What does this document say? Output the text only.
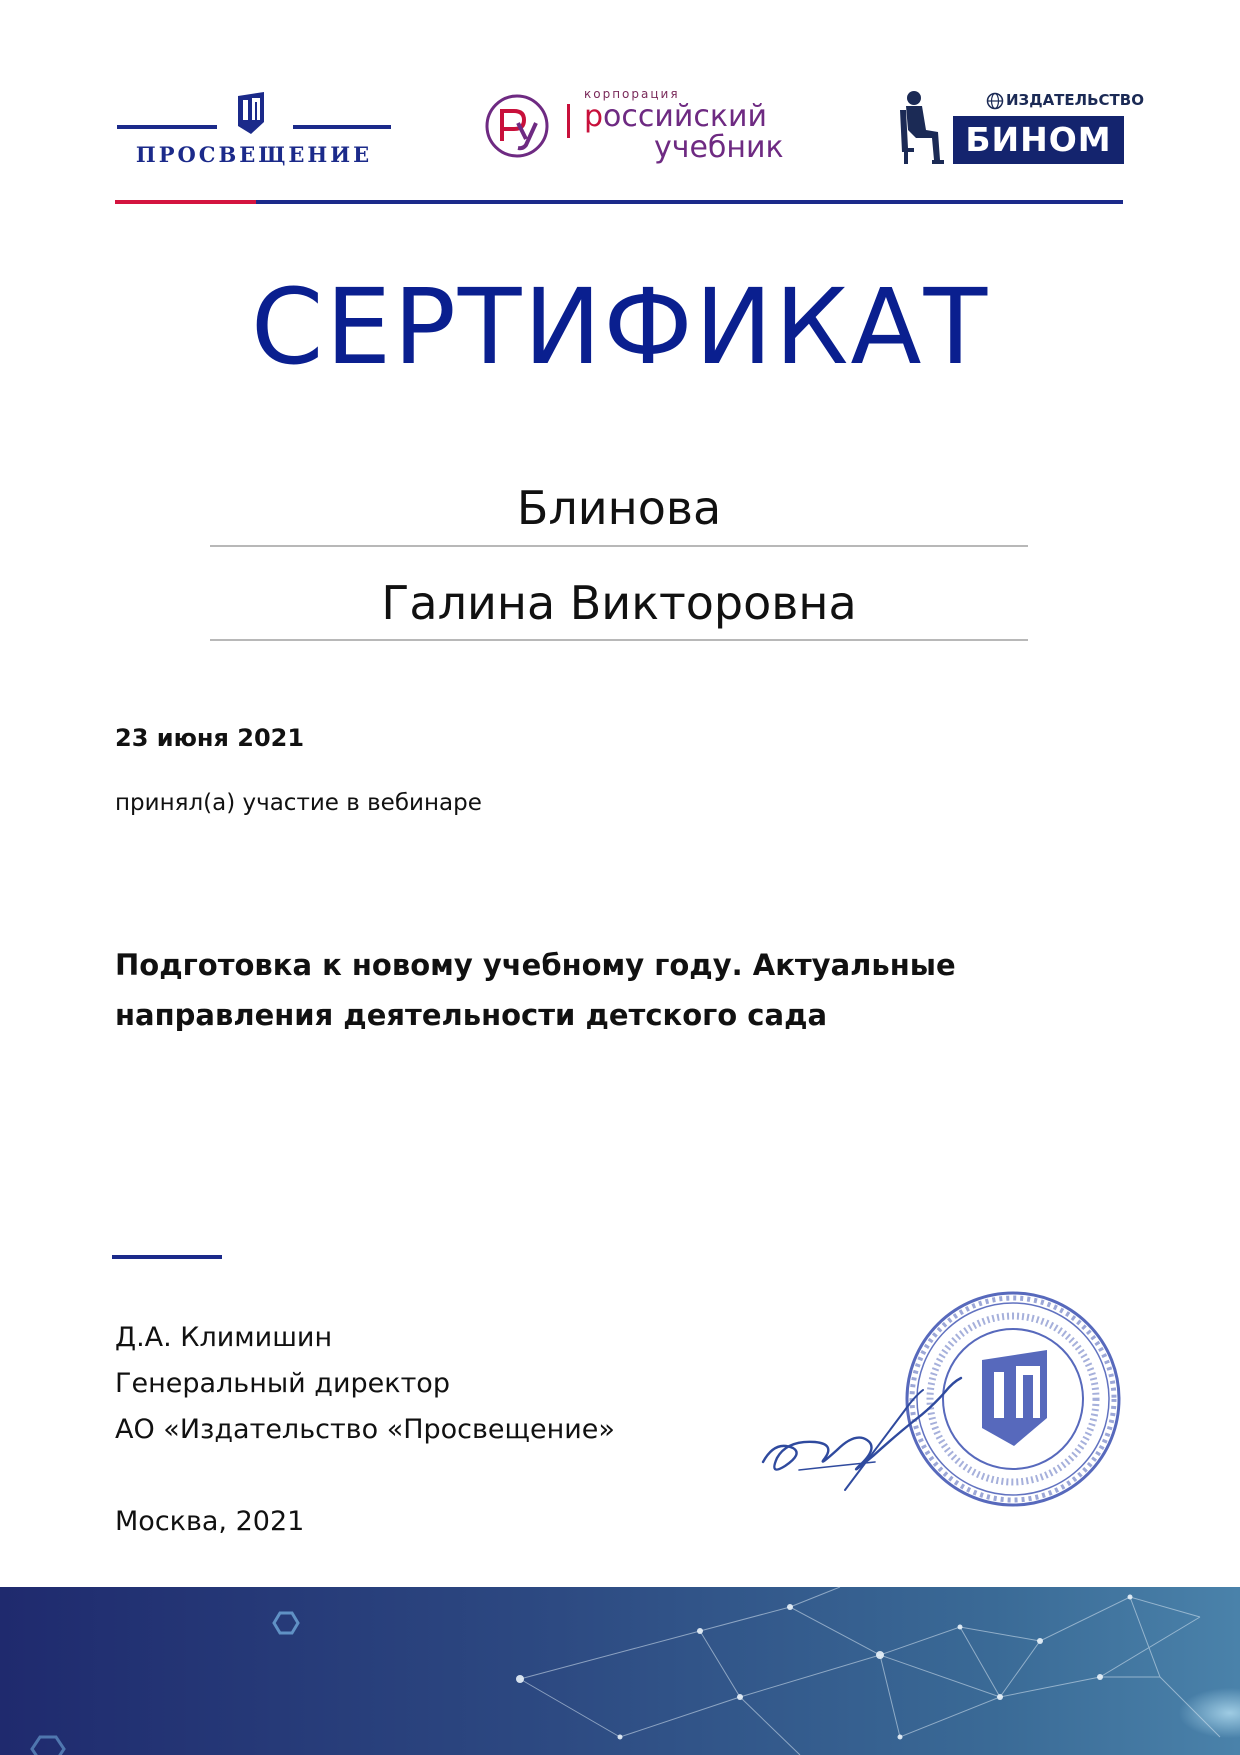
ПРОСВЕЩЕНИЕ
корпорация
российский
учебник
ИЗДАТЕЛЬСТВО
БИНОМ
СЕРТИФИКАТ
Блинова
Галина Викторовна
23 июня 2021
принял(а) участие в вебинаре
Подготовка к новому учебному году. Актуальные
направления деятельности детского сада
Д.А. Климишин
Генеральный директор
АО «Издательство «Просвещение»
Москва, 2021
